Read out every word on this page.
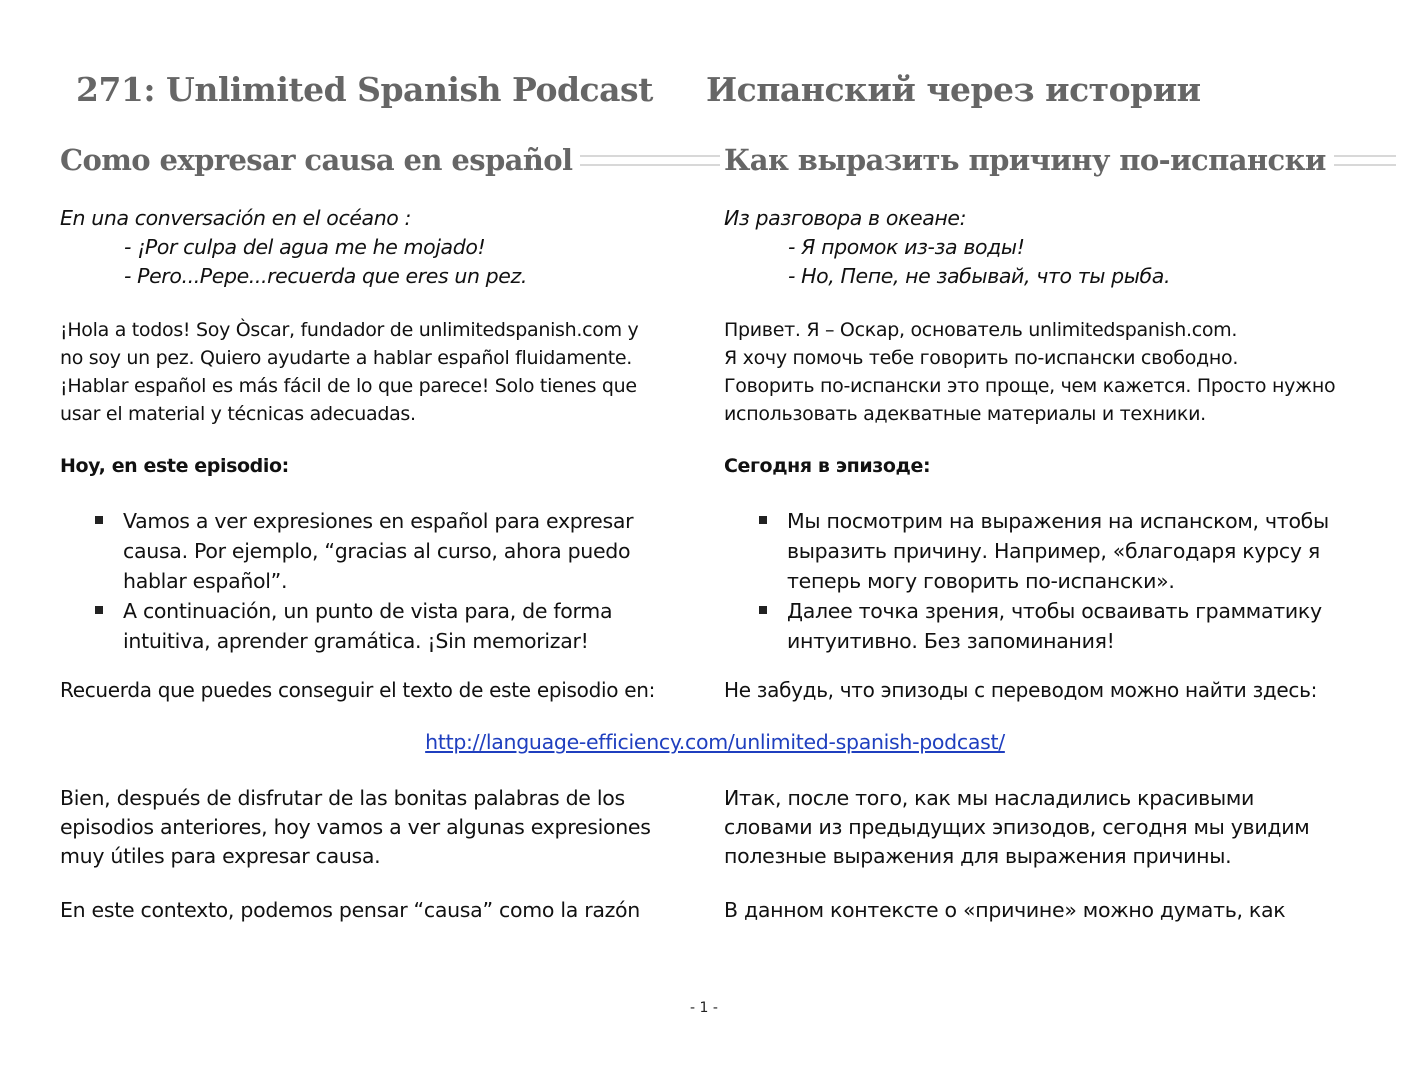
271: Unlimited Spanish Podcast Испанский через истории
Como expresar causa en español
En una conversación en el océano :
- ¡Por culpa del agua me he mojado!
- Pero...Pepe...recuerda que eres un pez.
¡Hola a todos! Soy Òscar, fundador de unlimitedspanish.com y
no soy un pez. Quiero ayudarte a hablar español fluidamente.
¡Hablar español es más fácil de lo que parece! Solo tienes que
usar el material y técnicas adecuadas.
Hoy, en este episodio:
Vamos a ver expresiones en español para expresar
causa. Por ejemplo, “gracias al curso, ahora puedo
hablar español”.
A continuación, un punto de vista para, de forma
intuitiva, aprender gramática. ¡Sin memorizar!
Recuerda que puedes conseguir el texto de este episodio en:
Bien, después de disfrutar de las bonitas palabras de los
episodios anteriores, hoy vamos a ver algunas expresiones
muy útiles para expresar causa.
En este contexto, podemos pensar “causa” como la razón
Как выразить причину по-испански
Из разговора в океане:
- Я промок из-за воды!
- Но, Пепе, не забывай, что ты рыба.
Привет. Я – Оскар, основатель unlimitedspanish.com.
Я хочу помочь тебе говорить по-испански свободно.
Говорить по-испански это проще, чем кажется. Просто нужно
использовать адекватные материалы и техники.
Сегодня в эпизоде:
Мы посмотрим на выражения на испанском, чтобы
выразить причину. Например, «благодаря курсу я
теперь могу говорить по-испански».
Далее точка зрения, чтобы осваивать грамматику
интуитивно. Без запоминания!
Не забудь, что эпизоды с переводом можно найти здесь:
Итак, после того, как мы насладились красивыми
словами из предыдущих эпизодов, сегодня мы увидим
полезные выражения для выражения причины.
В данном контексте о «причине» можно думать, как
http://language-efficiency.com/unlimited-spanish-podcast/
- 1 -
